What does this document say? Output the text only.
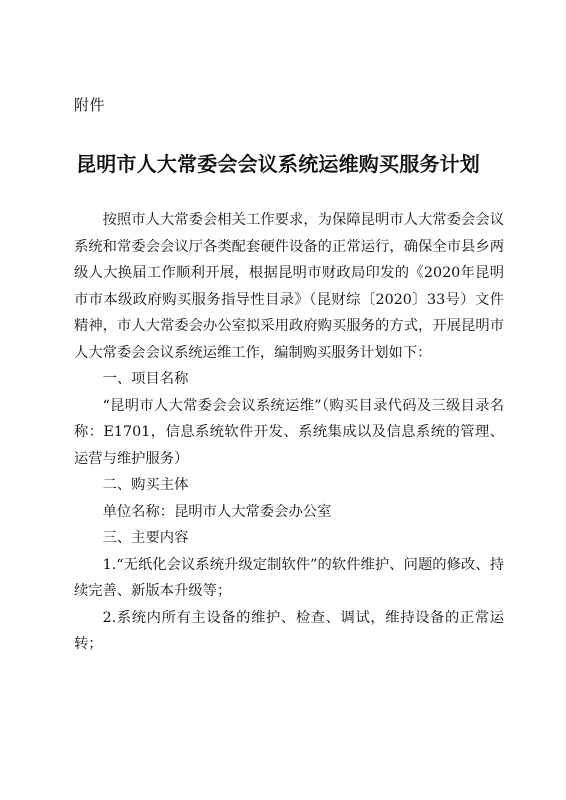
附件
昆明市人大常委会会议系统运维购买服务计划

按照市人大常委会相关工作要求，为保障昆明市人大常委会会议系统和常委会会议厅各类配套硬件设备的正常运行，确保全市县乡两级人大换届工作顺利开展，根据昆明市财政局印发的《2020年昆明市市本级政府购买服务指导性目录》（昆财综〔2020〕33号）文件精神，市人大常委会办公室拟采用政府购买服务的方式，开展昆明市人大常委会会议系统运维工作，编制购买服务计划如下：

一、项目名称

“昆明市人大常委会会议系统运维”（购买目录代码及三级目录名称：E1701，信息系统软件开发、系统集成以及信息系统的管理、运营与维护服务）

二、购买主体

单位名称：昆明市人大常委会办公室

三、主要内容

1.“无纸化会议系统升级定制软件”的软件维护、问题的修改、持续完善、新版本升级等；

2.系统内所有主设备的维护、检查、调试，维持设备的正常运转；
